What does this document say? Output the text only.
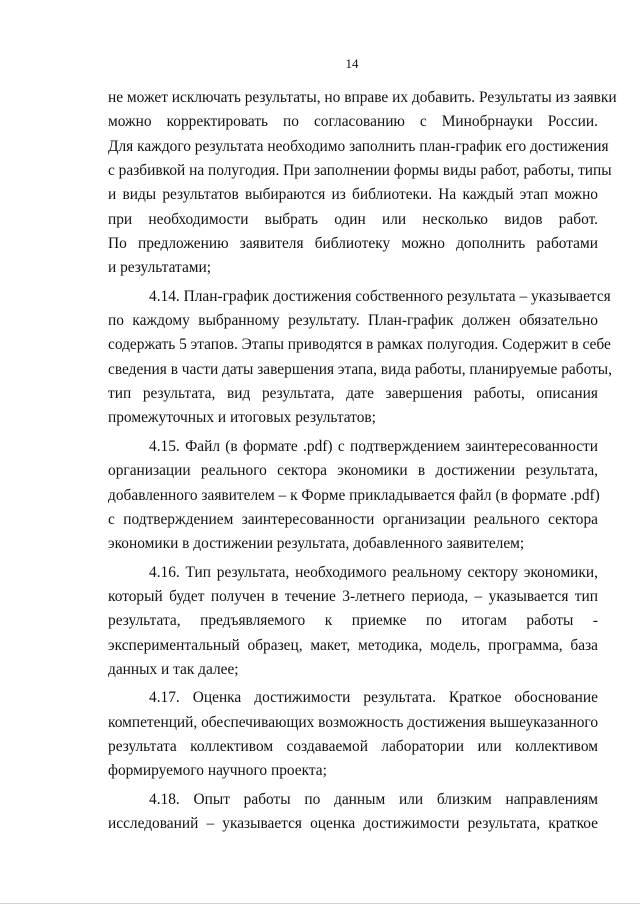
14
не может исключать результаты, но вправе их добавить. Результаты из заявки
можно корректировать по согласованию с Минобрнауки России.
Для каждого результата необходимо заполнить план-график его достижения
с разбивкой на полугодия. При заполнении формы виды работ, работы, типы
и виды результатов выбираются из библиотеки. На каждый этап можно
при необходимости выбрать один или несколько видов работ.
По предложению заявителя библиотеку можно дополнить работами
и результатами;
4.14. План-график достижения собственного результата – указывается
по каждому выбранному результату. План-график должен обязательно
содержать 5 этапов. Этапы приводятся в рамках полугодия. Содержит в себе
сведения в части даты завершения этапа, вида работы, планируемые работы,
тип результата, вид результата, дате завершения работы, описания
промежуточных и итоговых результатов;
4.15. Файл (в формате .pdf) с подтверждением заинтересованности
организации реального сектора экономики в достижении результата,
добавленного заявителем – к Форме прикладывается файл (в формате .pdf)
с подтверждением заинтересованности организации реального сектора
экономики в достижении результата, добавленного заявителем;
4.16. Тип результата, необходимого реальному сектору экономики,
который будет получен в течение 3-летнего периода, – указывается тип
результата, предъявляемого к приемке по итогам работы -
экспериментальный образец, макет, методика, модель, программа, база
данных и так далее;
4.17. Оценка достижимости результата. Краткое обоснование
компетенций, обеспечивающих возможность достижения вышеуказанного
результата коллективом создаваемой лаборатории или коллективом
формируемого научного проекта;
4.18. Опыт работы по данным или близким направлениям
исследований – указывается оценка достижимости результата, краткое
